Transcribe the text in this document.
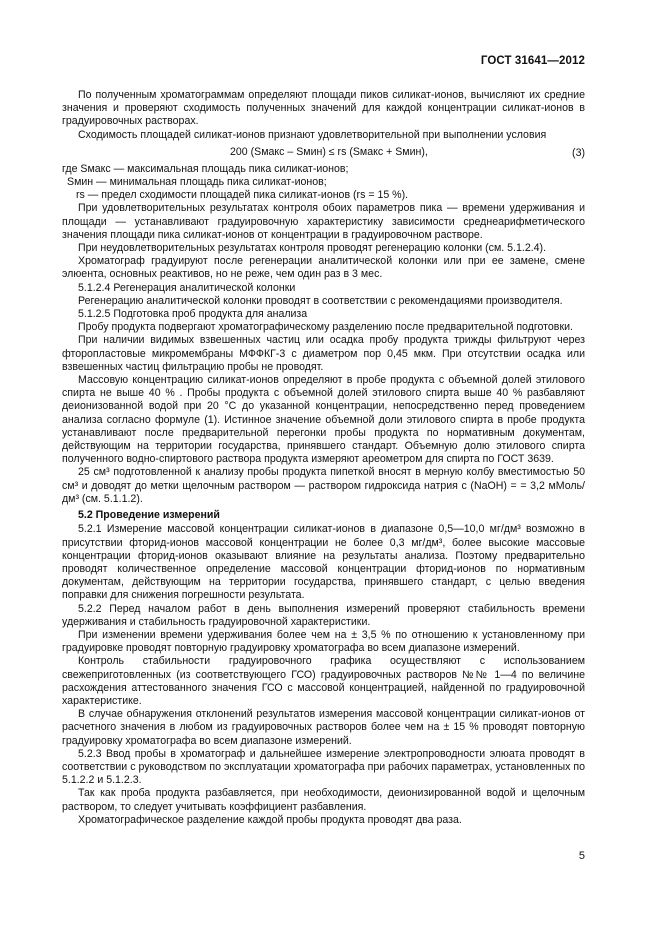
ГОСТ 31641—2012

По полученным хроматограммам определяют площади пиков силикат-ионов, вычисляют их средние значения и проверяют сходимость полученных значений для каждой концентрации силикат-ионов в градуировочных растворах.

Сходимость площадей силикат-ионов признают удовлетворительной при выполнении условия

200 (Sмакс – Sмин) ≤ rs (Sмакс + Sмин),	(3)

где Sмакс — максимальная площадь пика силикат-ионов;

Sмин — минимальная площадь пика силикат-ионов;

rs — предел сходимости площадей пика силикат-ионов (rs = 15 %).

При удовлетворительных результатах контроля обоих параметров пика — времени удерживания и площади — устанавливают градуировочную характеристику зависимости среднеарифметического значения площади пика силикат-ионов от концентрации в градуировочном растворе.

При неудовлетворительных результатах контроля проводят регенерацию колонки (см. 5.1.2.4).

Хроматограф градуируют после регенерации аналитической колонки или при ее замене, смене элюента, основных реактивов, но не реже, чем один раз в 3 мес.

5.1.2.4 Регенерация аналитической колонки

Регенерацию аналитической колонки проводят в соответствии с рекомендациями производителя.

5.1.2.5 Подготовка проб продукта для анализа

Пробу продукта подвергают хроматографическому разделению после предварительной подготовки.

При наличии видимых взвешенных частиц или осадка пробу продукта трижды фильтруют через фторопластовые микромембраны МФФКГ-3 с диаметром пор 0,45 мкм. При отсутствии осадка или взвешенных частиц фильтрацию пробы не проводят.

Массовую концентрацию силикат-ионов определяют в пробе продукта с объемной долей этилового спирта не выше 40 % . Пробы продукта с объемной долей этилового спирта выше 40 % разбавляют деионизованной водой при 20 °С до указанной концентрации, непосредственно перед проведением анализа согласно формуле (1). Истинное значение объемной доли этилового спирта в пробе продукта устанавливают после предварительной перегонки пробы продукта по нормативным документам, действующим на территории государства, принявшего стандарт. Объемную долю этилового спирта полученного водно-спиртового раствора продукта измеряют ареометром для спирта по ГОСТ 3639.

25 см³ подготовленной к анализу пробы продукта пипеткой вносят в мерную колбу вместимостью 50 см³ и доводят до метки щелочным раствором — раствором гидроксида натрия с (NaOH) = = 3,2 мМоль/дм³ (см. 5.1.1.2).

5.2 Проведение измерений

5.2.1 Измерение массовой концентрации силикат-ионов в диапазоне 0,5—10,0 мг/дм³ возможно в присутствии фторид-ионов массовой концентрации не более 0,3 мг/дм³, более высокие массовые концентрации фторид-ионов оказывают влияние на результаты анализа. Поэтому предварительно проводят количественное определение массовой концентрации фторид-ионов по нормативным документам, действующим на территории государства, принявшего стандарт, с целью введения поправки для снижения погрешности результата.

5.2.2 Перед началом работ в день выполнения измерений проверяют стабильность времени удерживания и стабильность градуировочной характеристики.

При изменении времени удерживания более чем на ± 3,5 % по отношению к установленному при градуировке проводят повторную градуировку хроматографа во всем диапазоне измерений.

Контроль стабильности градуировочного графика осуществляют с использованием свежеприготовленных (из соответствующего ГСО) градуировочных растворов №№ 1—4 по величине расхождения аттестованного значения ГСО с массовой концентрацией, найденной по градуировочной характеристике.

В случае обнаружения отклонений результатов измерения массовой концентрации силикат-ионов от расчетного значения в любом из градуировочных растворов более чем на ± 15 % проводят повторную градуировку хроматографа во всем диапазоне измерений.

5.2.3 Ввод пробы в хроматограф и дальнейшее измерение электропроводности элюата проводят в соответствии с руководством по эксплуатации хроматографа при рабочих параметрах, установленных по 5.1.2.2 и 5.1.2.3.

Так как проба продукта разбавляется, при необходимости, деионизированной водой и щелочным раствором, то следует учитывать коэффициент разбавления.

Хроматографическое разделение каждой пробы продукта проводят два раза.

5
